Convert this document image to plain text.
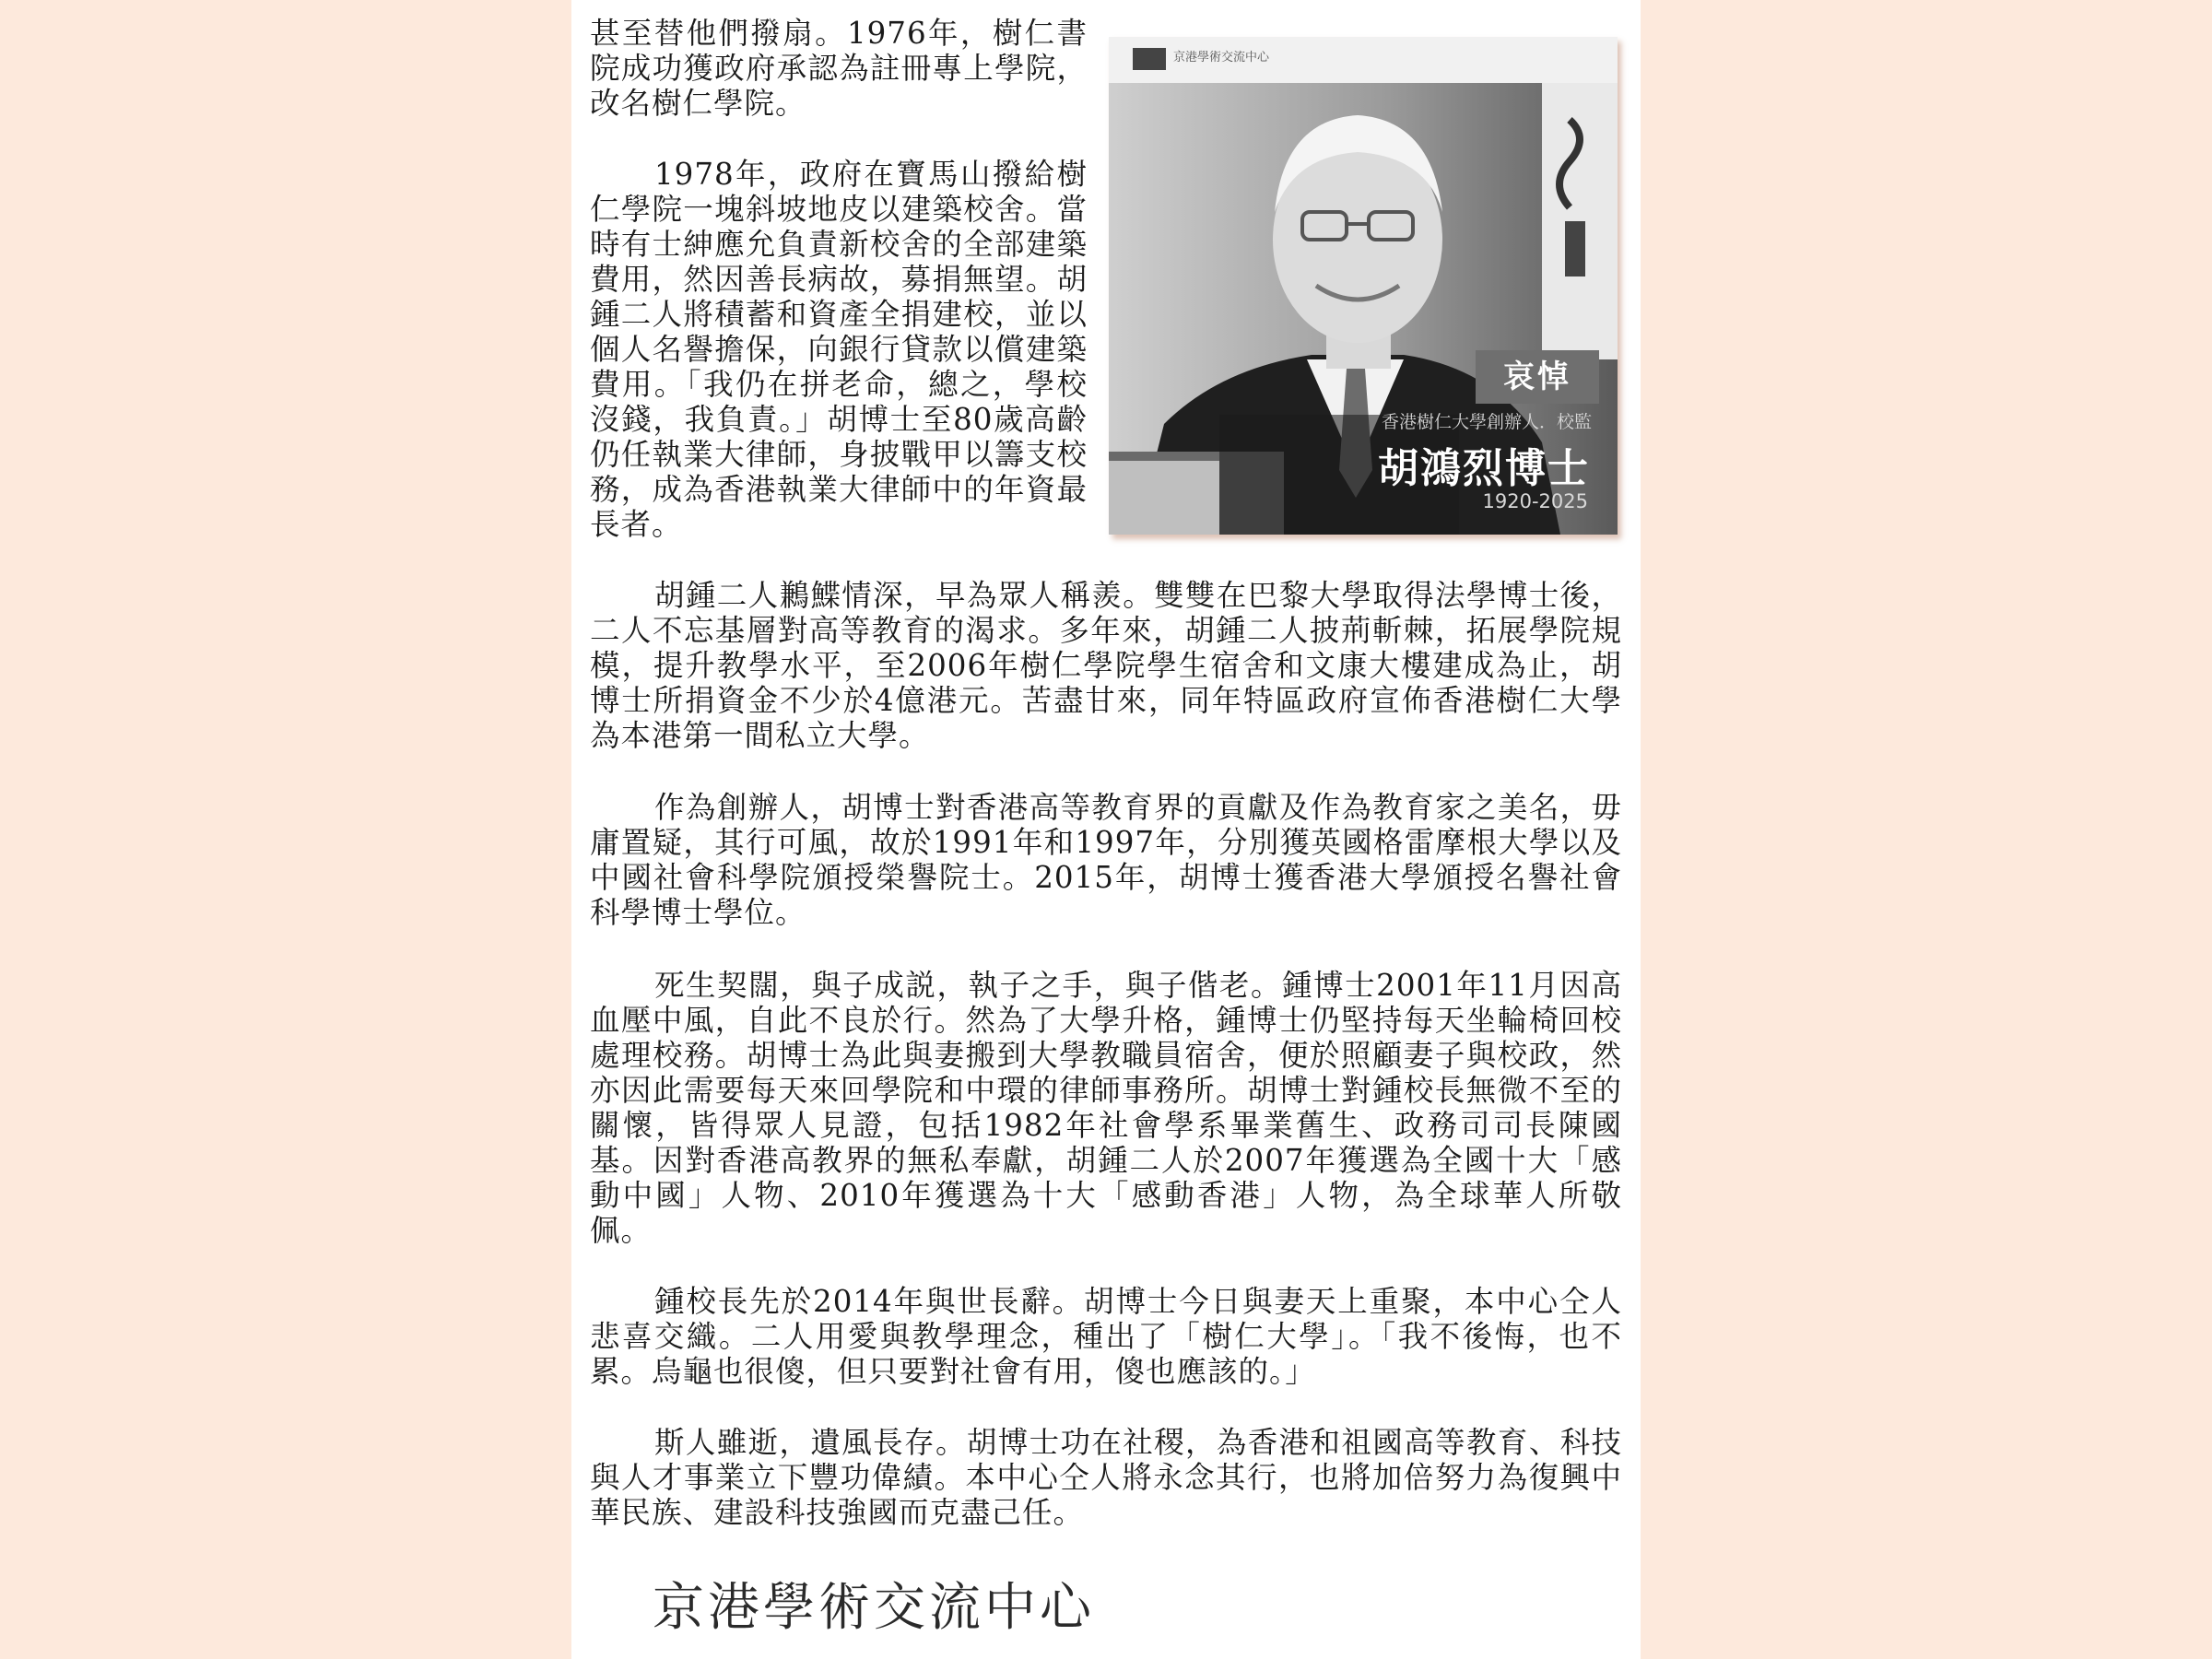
京港學術交流中心
哀悼
香港樹仁大學創辦人．校監
胡鴻烈博士
1920-2025

甚至替他們撥扇。1976年，樹仁書院成功獲政府承認為註冊專上學院，改名樹仁學院。

1978年，政府在寶馬山撥給樹仁學院一塊斜坡地皮以建築校舍。當時有士紳應允負責新校舍的全部建築費用，然因善長病故，募捐無望。胡鍾二人將積蓄和資產全捐建校，並以個人名譽擔保，向銀行貸款以償建築費用。「我仍在拼老命，總之，學校沒錢，我負責。」胡博士至80歲高齡仍任執業大律師，身披戰甲以籌支校務，成為香港執業大律師中的年資最長者。

胡鍾二人鶼鰈情深，早為眾人稱羨。雙雙在巴黎大學取得法學博士後，二人不忘基層對高等教育的渴求。多年來，胡鍾二人披荊斬棘，拓展學院規模，提升教學水平，至2006年樹仁學院學生宿舍和文康大樓建成為止，胡博士所捐資金不少於4億港元。苦盡甘來，同年特區政府宣佈香港樹仁大學為本港第一間私立大學。

作為創辦人，胡博士對香港高等教育界的貢獻及作為教育家之美名，毋庸置疑，其行可風，故於1991年和1997年，分別獲英國格雷摩根大學以及中國社會科學院頒授榮譽院士。2015年，胡博士獲香港大學頒授名譽社會科學博士學位。

死生契闊，與子成説，執子之手，與子偕老。鍾博士2001年11月因高血壓中風，自此不良於行。然為了大學升格，鍾博士仍堅持每天坐輪椅回校處理校務。胡博士為此與妻搬到大學教職員宿舍，便於照顧妻子與校政，然亦因此需要每天來回學院和中環的律師事務所。胡博士對鍾校長無微不至的關懷，皆得眾人見證，包括1982年社會學系畢業舊生、政務司司長陳國基。因對香港高教界的無私奉獻，胡鍾二人於2007年獲選為全國十大「感動中國」人物、2010年獲選為十大「感動香港」人物，為全球華人所敬佩。

鍾校長先於2014年與世長辭。胡博士今日與妻天上重聚，本中心仝人悲喜交織。二人用愛與教學理念，種出了「樹仁大學」。「我不後悔，也不累。烏龜也很傻，但只要對社會有用，傻也應該的。」

斯人雖逝，遺風長存。胡博士功在社稷，為香港和祖國高等教育、科技與人才事業立下豐功偉績。本中心仝人將永念其行，也將加倍努力為復興中華民族、建設科技強國而克盡己任。

京港學術交流中心
